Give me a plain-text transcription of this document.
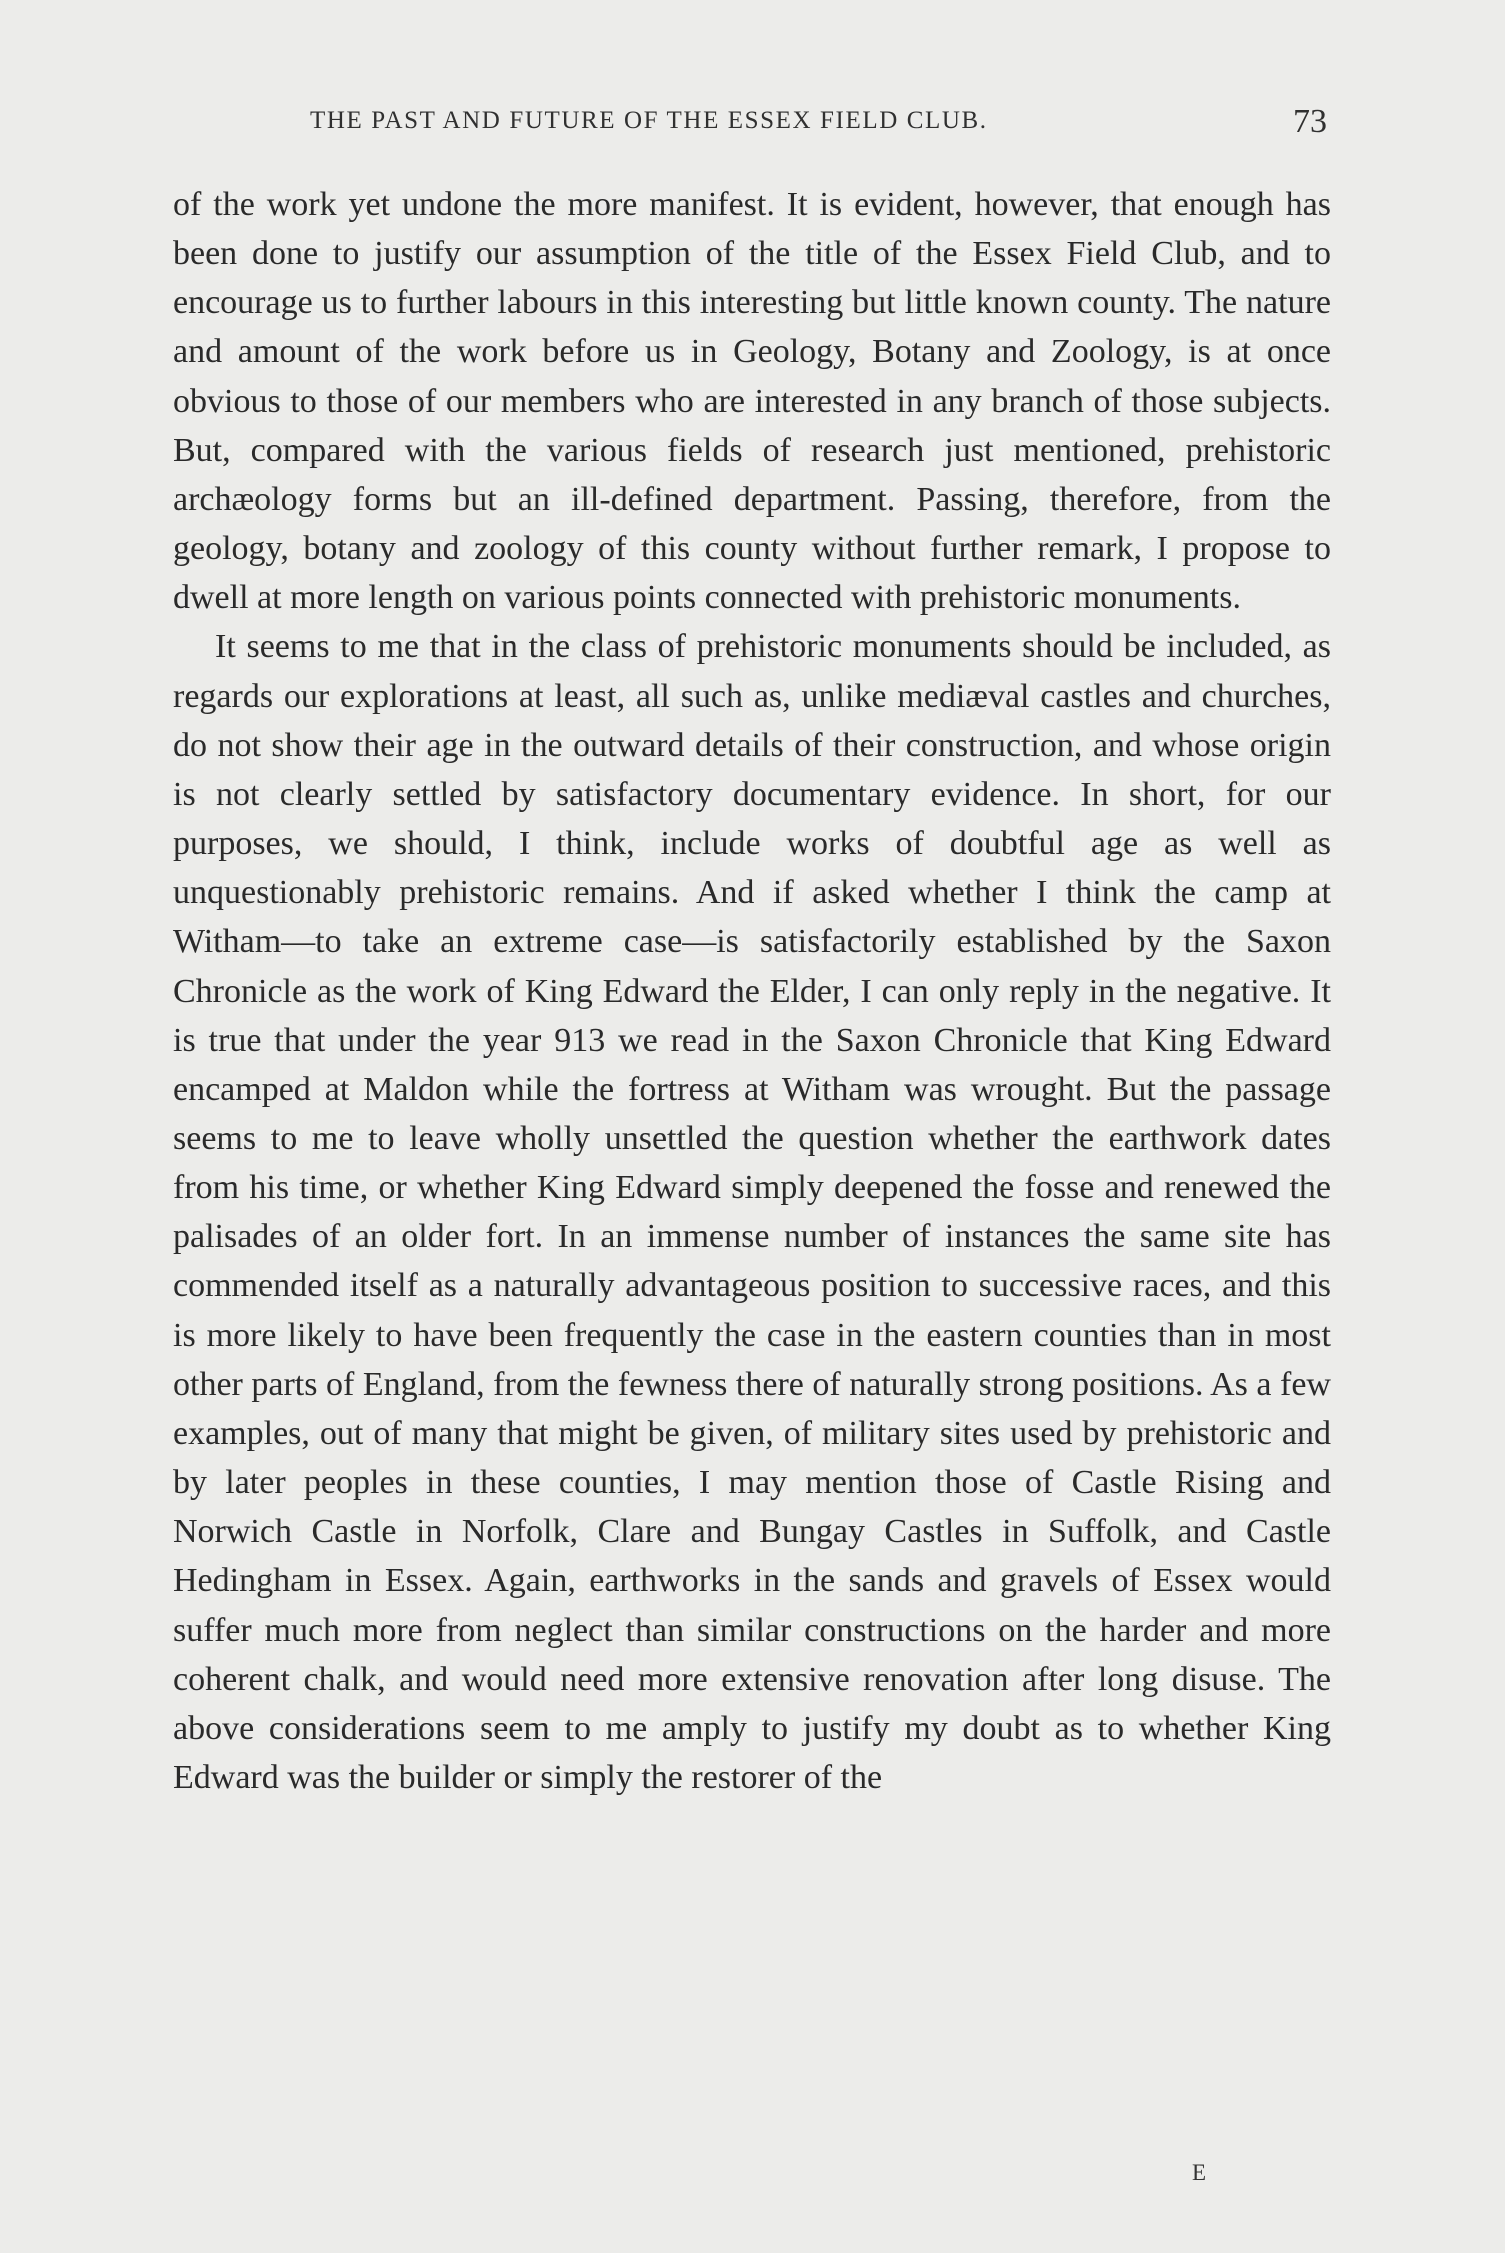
THE PAST AND FUTURE OF THE ESSEX FIELD CLUB.	73

of the work yet undone the more manifest. It is evident, however, that enough has been done to justify our assumption of the title of the Essex Field Club, and to encourage us to further labours in this interesting but little known county. The nature and amount of the work before us in Geology, Botany and Zoology, is at once obvious to those of our members who are interested in any branch of those subjects. But, compared with the various fields of research just mentioned, prehistoric archæology forms but an ill-defined department. Passing, therefore, from the geology, botany and zoology of this county without further remark, I propose to dwell at more length on various points connected with prehistoric monuments.

It seems to me that in the class of prehistoric monuments should be included, as regards our explorations at least, all such as, unlike mediæval castles and churches, do not show their age in the outward details of their construction, and whose origin is not clearly settled by satisfactory documentary evidence. In short, for our purposes, we should, I think, include works of doubtful age as well as unquestionably prehistoric remains. And if asked whether I think the camp at Witham—to take an extreme case—is satisfactorily established by the Saxon Chronicle as the work of King Edward the Elder, I can only reply in the negative. It is true that under the year 913 we read in the Saxon Chronicle that King Edward encamped at Maldon while the fortress at Witham was wrought. But the passage seems to me to leave wholly unsettled the question whether the earthwork dates from his time, or whether King Edward simply deepened the fosse and renewed the palisades of an older fort. In an immense number of instances the same site has commended itself as a naturally advantageous position to successive races, and this is more likely to have been frequently the case in the eastern counties than in most other parts of England, from the fewness there of naturally strong positions. As a few examples, out of many that might be given, of military sites used by prehistoric and by later peoples in these counties, I may mention those of Castle Rising and Norwich Castle in Norfolk, Clare and Bungay Castles in Suffolk, and Castle Hedingham in Essex. Again, earthworks in the sands and gravels of Essex would suffer much more from neglect than similar constructions on the harder and more coherent chalk, and would need more extensive renovation after long disuse. The above considerations seem to me amply to justify my doubt as to whether King Edward was the builder or simply the restorer of the

E
